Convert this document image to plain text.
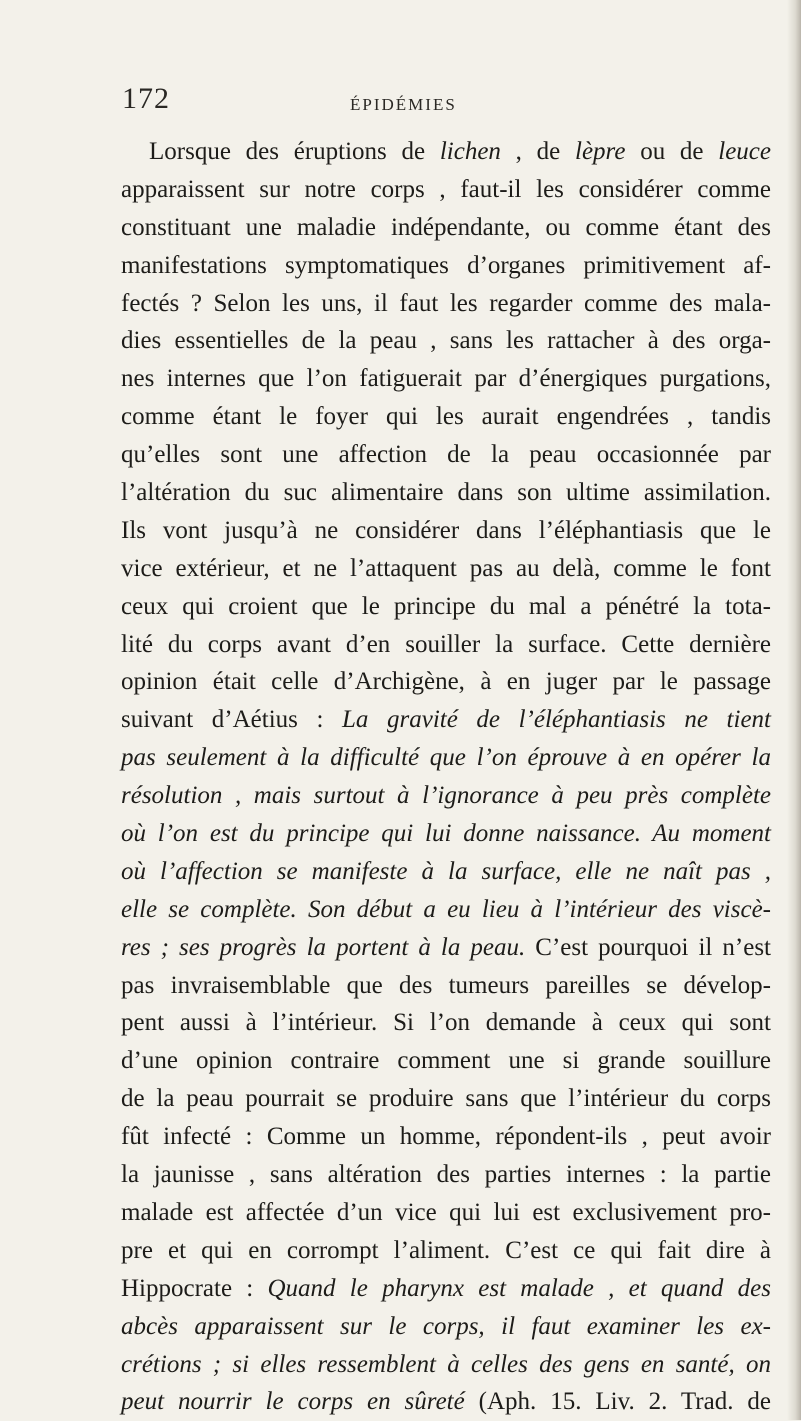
172	ÉPIDÉMIES
Lorsque des éruptions de lichen , de lèpre ou de leuce
apparaissent sur notre corps , faut-il les considérer comme
constituant une maladie indépendante, ou comme étant des
manifestations symptomatiques d’organes primitivement af-
fectés ? Selon les uns, il faut les regarder comme des mala-
dies essentielles de la peau , sans les rattacher à des orga-
nes internes que l’on fatiguerait par d’énergiques purgations,
comme étant le foyer qui les aurait engendrées , tandis
qu’elles sont une affection de la peau occasionnée par
l’altération du suc alimentaire dans son ultime assimilation.
Ils vont jusqu’à ne considérer dans l’éléphantiasis que le
vice extérieur, et ne l’attaquent pas au delà, comme le font
ceux qui croient que le principe du mal a pénétré la tota-
lité du corps avant d’en souiller la surface. Cette dernière
opinion était celle d’Archigène, à en juger par le passage
suivant d’Aétius : La gravité de l’éléphantiasis ne tient
pas seulement à la difficulté que l’on éprouve à en opérer la
résolution , mais surtout à l’ignorance à peu près complète
où l’on est du principe qui lui donne naissance. Au moment
où l’affection se manifeste à la surface, elle ne naît pas ,
elle se complète. Son début a eu lieu à l’intérieur des viscè-
res ; ses progrès la portent à la peau. C’est pourquoi il n’est
pas invraisemblable que des tumeurs pareilles se dévelop-
pent aussi à l’intérieur. Si l’on demande à ceux qui sont
d’une opinion contraire comment une si grande souillure
de la peau pourrait se produire sans que l’intérieur du corps
fût infecté : Comme un homme, répondent-ils , peut avoir
la jaunisse , sans altération des parties internes : la partie
malade est affectée d’un vice qui lui est exclusivement pro-
pre et qui en corrompt l’aliment. C’est ce qui fait dire à
Hippocrate : Quand le pharynx est malade , et quand des
abcès apparaissent sur le corps, il faut examiner les ex-
crétions ; si elles ressemblent à celles des gens en santé, on
peut nourrir le corps en sûreté (Aph. 15. Liv. 2. Trad. de
